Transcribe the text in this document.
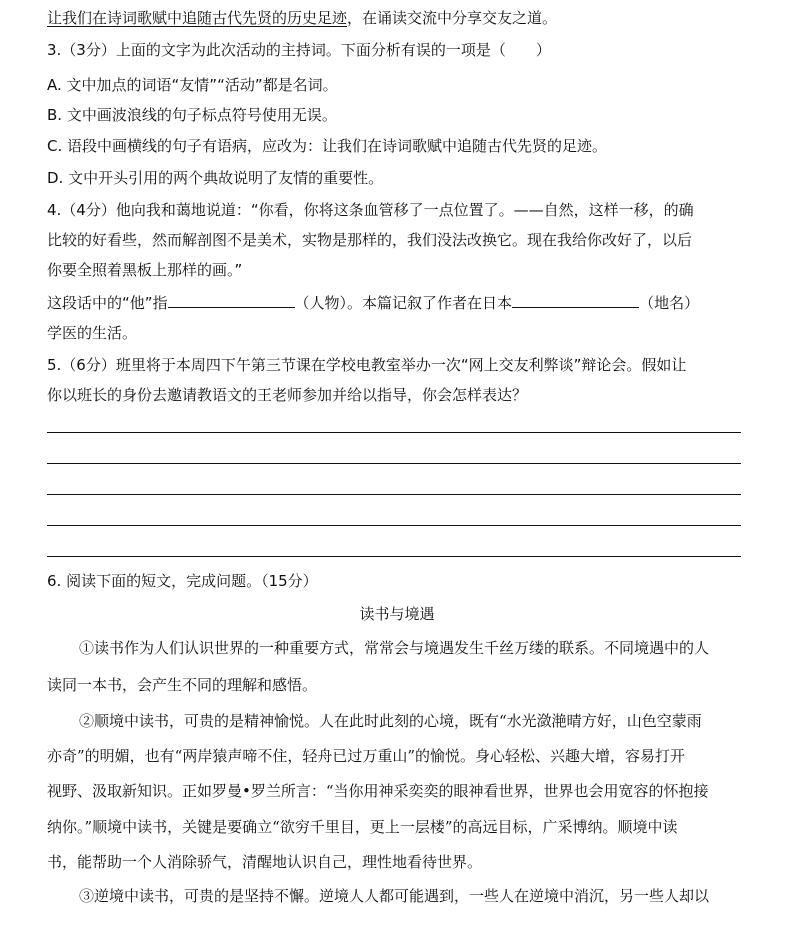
让我们在诗词歌赋中追随古代先贤的历史足迹，在诵读交流中分享交友之道。
3.（3分）上面的文字为此次活动的主持词。下面分析有误的一项是（　　）
A. 文中加点的词语“友情”“活动”都是名词。
B. 文中画波浪线的句子标点符号使用无误。
C. 语段中画横线的句子有语病，应改为：让我们在诗词歌赋中追随古代先贤的足迹。
D. 文中开头引用的两个典故说明了友情的重要性。
4.（4分）他向我和蔼地说道：“你看，你将这条血管移了一点位置了。——自然，这样一移，的确
比较的好看些，然而解剖图不是美术，实物是那样的，我们没法改换它。现在我给你改好了，以后
你要全照着黑板上那样的画。”
这段话中的“他”指	（人物）。本篇记叙了作者在日本	（地名）
学医的生活。
5.（6分）班里将于本周四下午第三节课在学校电教室举办一次“网上交友利弊谈”辩论会。假如让
你以班长的身份去邀请教语文的王老师参加并给以指导，你会怎样表达？
6. 阅读下面的短文，完成问题。（15分）
读书与境遇
①读书作为人们认识世界的一种重要方式，常常会与境遇发生千丝万缕的联系。不同境遇中的人
读同一本书，会产生不同的理解和感悟。
②顺境中读书，可贵的是精神愉悦。人在此时此刻的心境，既有“水光潋滟晴方好，山色空蒙雨
亦奇”的明媚，也有“两岸猿声啼不住，轻舟已过万重山”的愉悦。身心轻松、兴趣大增，容易打开
视野、汲取新知识。正如罗曼•罗兰所言：“当你用神采奕奕的眼神看世界，世界也会用宽容的怀抱接
纳你。”顺境中读书，关键是要确立“欲穷千里目，更上一层楼”的高远目标，广采博纳。顺境中读
书，能帮助一个人消除骄气，清醒地认识自己，理性地看待世界。
③逆境中读书，可贵的是坚持不懈。逆境人人都可能遇到，一些人在逆境中消沉，另一些人却以
